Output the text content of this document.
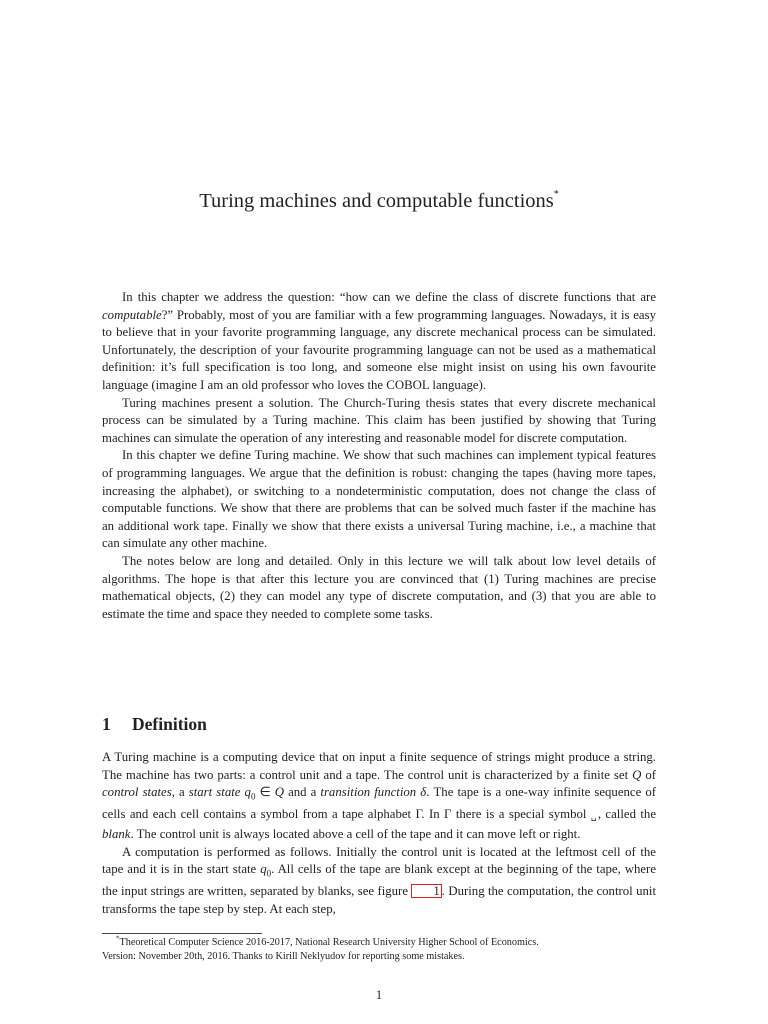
Turing machines and computable functions*

In this chapter we address the question: “how can we define the class of discrete functions that are computable?” Probably, most of you are familiar with a few programming languages. Nowadays, it is easy to believe that in your favorite programming language, any discrete mechanical process can be simulated. Unfortunately, the description of your favourite programming language can not be used as a mathematical definition: it’s full specification is too long, and someone else might insist on using his own favourite language (imagine I am an old professor who loves the COBOL language).

Turing machines present a solution. The Church-Turing thesis states that every discrete mechanical process can be simulated by a Turing machine. This claim has been justified by showing that Turing machines can simulate the operation of any interesting and reasonable model for discrete computation.

In this chapter we define Turing machine. We show that such machines can implement typical features of programming languages. We argue that the definition is robust: changing the tapes (having more tapes, increasing the alphabet), or switching to a nondeterministic computation, does not change the class of computable functions. We show that there are problems that can be solved much faster if the machine has an additional work tape. Finally we show that there exists a universal Turing machine, i.e., a machine that can simulate any other machine.

The notes below are long and detailed. Only in this lecture we will talk about low level details of algorithms. The hope is that after this lecture you are convinced that (1) Turing machines are precise mathematical objects, (2) they can model any type of discrete computation, and (3) that you are able to estimate the time and space they needed to complete some tasks.

1 Definition

A Turing machine is a computing device that on input a finite sequence of strings might produce a string. The machine has two parts: a control unit and a tape. The control unit is characterized by a finite set Q of control states, a start state $q_0$ ∈ Q and a transition function δ. The tape is a one-way infinite sequence of cells and each cell contains a symbol from a tape alphabet Γ. In Γ there is a special symbol ␣, called the blank. The control unit is always located above a cell of the tape and it can move left or right.

A computation is performed as follows. Initially the control unit is located at the leftmost cell of the tape and it is in the start state $q_0$. All cells of the tape are blank except at the beginning of the tape, where the input strings are written, separated by blanks, see figure 1 . During the computation, the control unit transforms the tape step by step. At each step,

*Theoretical Computer Science 2016-2017, National Research University Higher School of Economics.

Version: November 20th, 2016. Thanks to Kirill Neklyudov for reporting some mistakes.

1
